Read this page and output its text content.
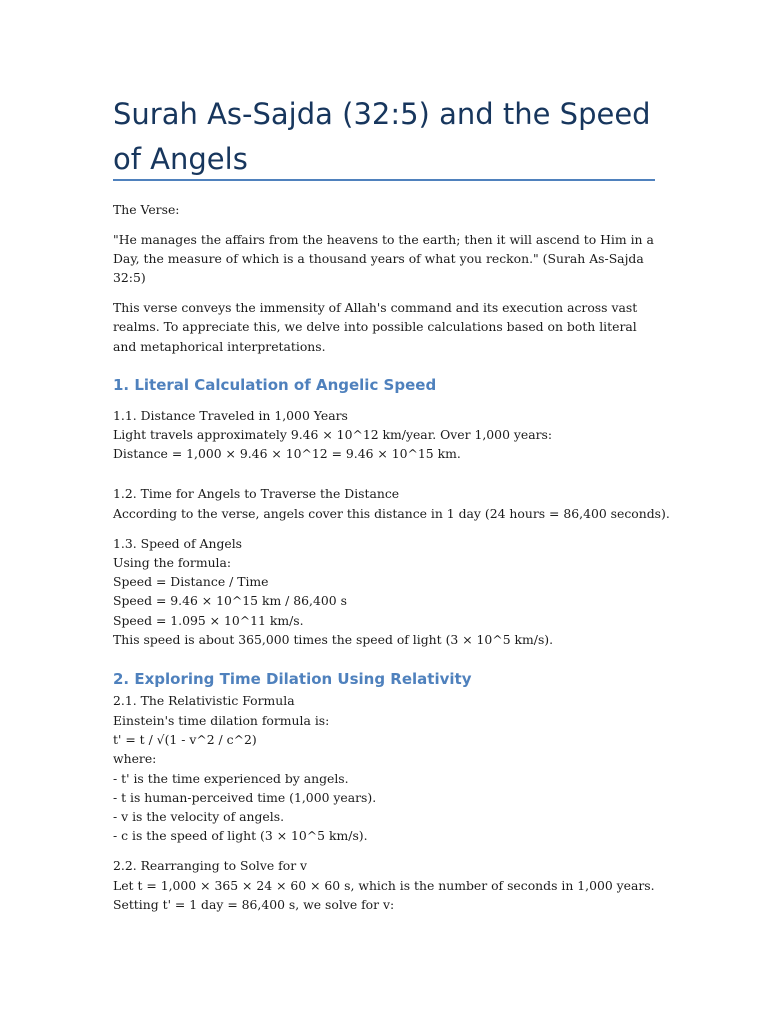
Surah As-Sajda (32:5) and the Speed of Angels

The Verse:

"He manages the affairs from the heavens to the earth; then it will ascend to Him in a Day, the measure of which is a thousand years of what you reckon." (Surah As-Sajda 32:5)

This verse conveys the immensity of Allah's command and its execution across vast realms. To appreciate this, we delve into possible calculations based on both literal and metaphorical interpretations.

1. Literal Calculation of Angelic Speed

1.1. Distance Traveled in 1,000 Years
Light travels approximately 9.46 × 10^12 km/year. Over 1,000 years:
Distance = 1,000 × 9.46 × 10^12 = 9.46 × 10^15 km.

1.2. Time for Angels to Traverse the Distance
According to the verse, angels cover this distance in 1 day (24 hours = 86,400 seconds).
1.3. Speed of Angels
Using the formula:
Speed = Distance / Time
Speed = 9.46 × 10^15 km / 86,400 s
Speed = 1.095 × 10^11 km/s.
This speed is about 365,000 times the speed of light (3 × 10^5 km/s).
2. Exploring Time Dilation Using Relativity
2.1. The Relativistic Formula
Einstein's time dilation formula is:
t' = t / √(1 - v^2 / c^2)
where:
- t' is the time experienced by angels.
- t is human-perceived time (1,000 years).
- v is the velocity of angels.
- c is the speed of light (3 × 10^5 km/s).
2.2. Rearranging to Solve for v
Let t = 1,000 × 365 × 24 × 60 × 60 s, which is the number of seconds in 1,000 years. Setting t' = 1 day = 86,400 s, we solve for v:
